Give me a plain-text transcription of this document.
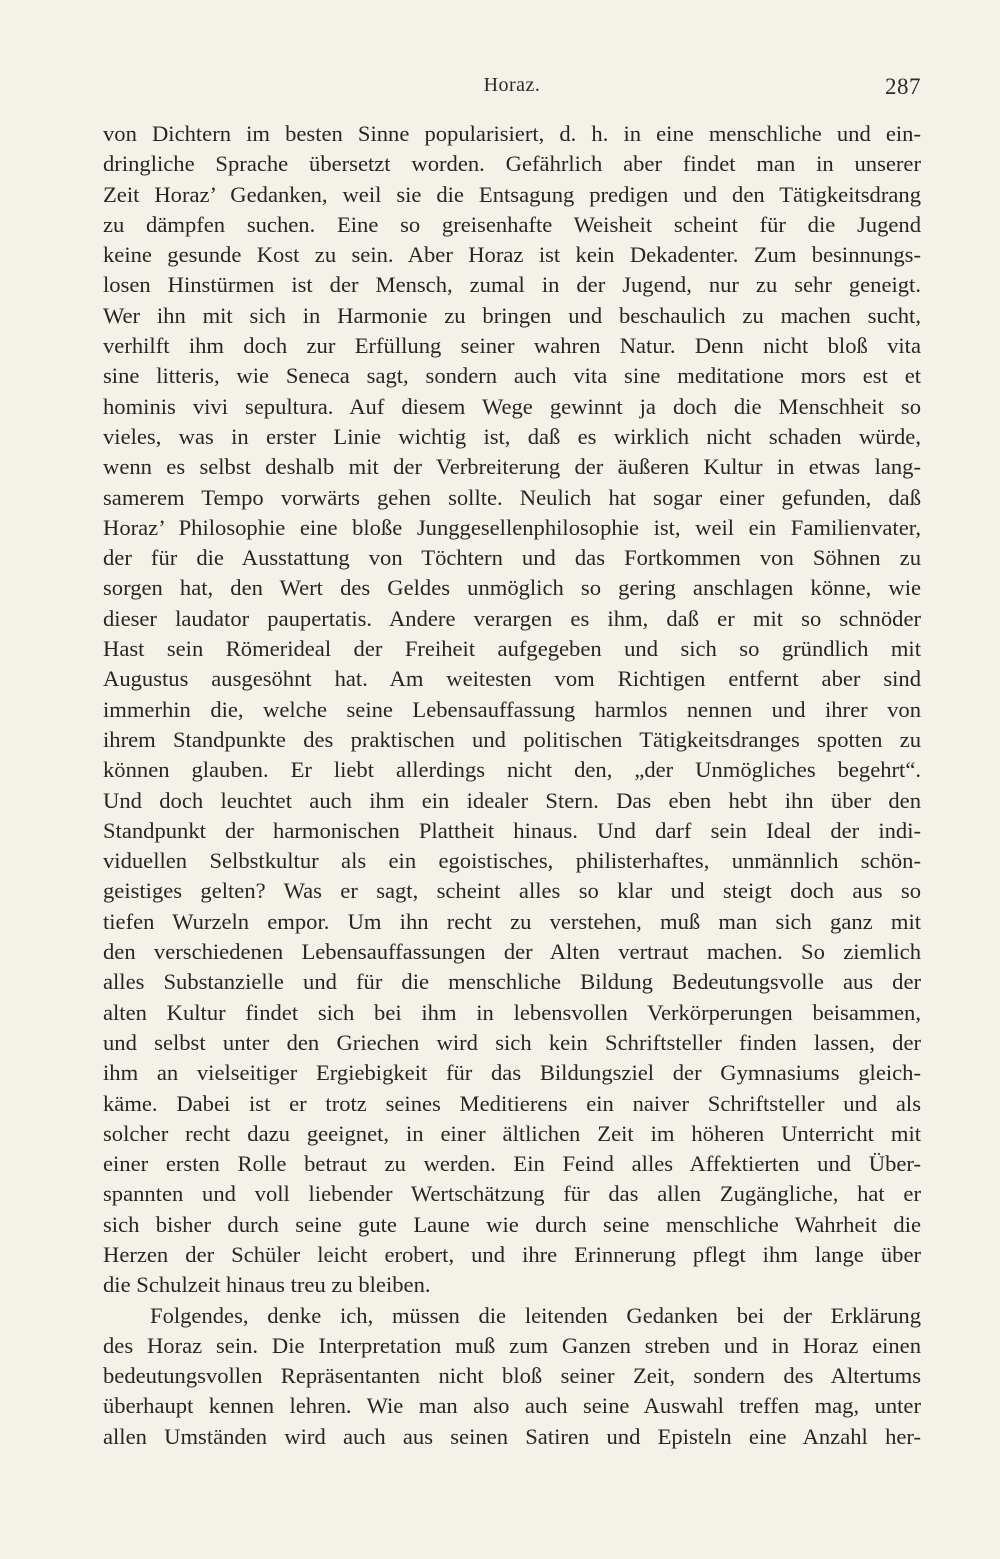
Horaz.	287
von Dichtern im besten Sinne popularisiert, d. h. in eine menschliche und ein-
dringliche Sprache übersetzt worden. Gefährlich aber findet man in unserer
Zeit Horaz’ Gedanken, weil sie die Entsagung predigen und den Tätigkeitsdrang
zu dämpfen suchen. Eine so greisenhafte Weisheit scheint für die Jugend
keine gesunde Kost zu sein. Aber Horaz ist kein Dekadenter. Zum besinnungs-
losen Hinstürmen ist der Mensch, zumal in der Jugend, nur zu sehr geneigt.
Wer ihn mit sich in Harmonie zu bringen und beschaulich zu machen sucht,
verhilft ihm doch zur Erfüllung seiner wahren Natur. Denn nicht bloß vita
sine litteris, wie Seneca sagt, sondern auch vita sine meditatione mors est et
hominis vivi sepultura. Auf diesem Wege gewinnt ja doch die Menschheit so
vieles, was in erster Linie wichtig ist, daß es wirklich nicht schaden würde,
wenn es selbst deshalb mit der Verbreiterung der äußeren Kultur in etwas lang-
samerem Tempo vorwärts gehen sollte. Neulich hat sogar einer gefunden, daß
Horaz’ Philosophie eine bloße Junggesellenphilosophie ist, weil ein Familienvater,
der für die Ausstattung von Töchtern und das Fortkommen von Söhnen zu
sorgen hat, den Wert des Geldes unmöglich so gering anschlagen könne, wie
dieser laudator paupertatis. Andere verargen es ihm, daß er mit so schnöder
Hast sein Römerideal der Freiheit aufgegeben und sich so gründlich mit
Augustus ausgesöhnt hat. Am weitesten vom Richtigen entfernt aber sind
immerhin die, welche seine Lebensauffassung harmlos nennen und ihrer von
ihrem Standpunkte des praktischen und politischen Tätigkeitsdranges spotten zu
können glauben. Er liebt allerdings nicht den, „der Unmögliches begehrt“.
Und doch leuchtet auch ihm ein idealer Stern. Das eben hebt ihn über den
Standpunkt der harmonischen Plattheit hinaus. Und darf sein Ideal der indi-
viduellen Selbstkultur als ein egoistisches, philisterhaftes, unmännlich schön-
geistiges gelten? Was er sagt, scheint alles so klar und steigt doch aus so
tiefen Wurzeln empor. Um ihn recht zu verstehen, muß man sich ganz mit
den verschiedenen Lebensauffassungen der Alten vertraut machen. So ziemlich
alles Substanzielle und für die menschliche Bildung Bedeutungsvolle aus der
alten Kultur findet sich bei ihm in lebensvollen Verkörperungen beisammen,
und selbst unter den Griechen wird sich kein Schriftsteller finden lassen, der
ihm an vielseitiger Ergiebigkeit für das Bildungsziel der Gymnasiums gleich-
käme. Dabei ist er trotz seines Meditierens ein naiver Schriftsteller und als
solcher recht dazu geeignet, in einer ältlichen Zeit im höheren Unterricht mit
einer ersten Rolle betraut zu werden. Ein Feind alles Affektierten und Über-
spannten und voll liebender Wertschätzung für das allen Zugängliche, hat er
sich bisher durch seine gute Laune wie durch seine menschliche Wahrheit die
Herzen der Schüler leicht erobert, und ihre Erinnerung pflegt ihm lange über
die Schulzeit hinaus treu zu bleiben.
Folgendes, denke ich, müssen die leitenden Gedanken bei der Erklärung
des Horaz sein. Die Interpretation muß zum Ganzen streben und in Horaz einen
bedeutungsvollen Repräsentanten nicht bloß seiner Zeit, sondern des Altertums
überhaupt kennen lehren. Wie man also auch seine Auswahl treffen mag, unter
allen Umständen wird auch aus seinen Satiren und Episteln eine Anzahl her-
